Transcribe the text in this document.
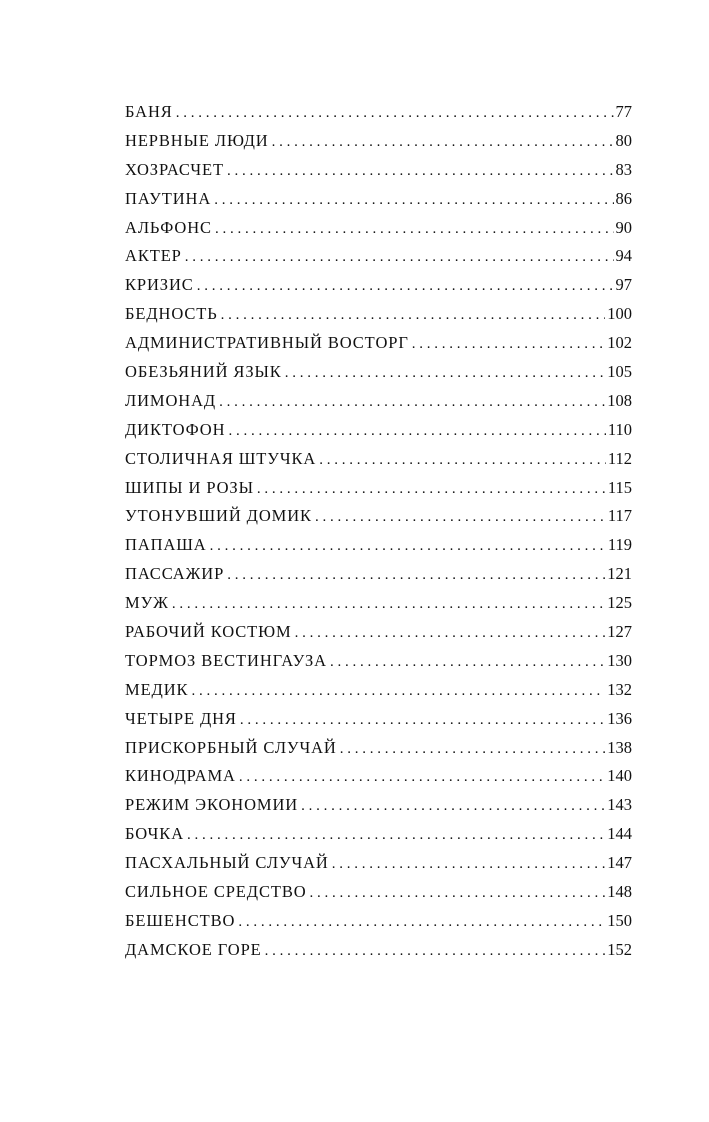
БАНЯ . . .	77
НЕРВНЫЕ ЛЮДИ . . .	80
ХОЗРАСЧЕТ . . .	83
ПАУТИНА . . .	86
АЛЬФОНС . . .	90
АКТЕР . . .	94
КРИЗИС . . .	97
БЕДНОСТЬ . . .	100
АДМИНИСТРАТИВНЫЙ ВОСТОРГ . . .	102
ОБЕЗЬЯНИЙ ЯЗЫК . . .	105
ЛИМОНАД . . .	108
ДИКТОФОН . . .	110
СТОЛИЧНАЯ ШТУЧКА . . .	112
ШИПЫ И РОЗЫ . . .	115
УТОНУВШИЙ ДОМИК . . .	117
ПАПАША . . .	119
ПАССАЖИР . . .	121
МУЖ . . .	125
РАБОЧИЙ КОСТЮМ . . .	127
ТОРМОЗ ВЕСТИНГАУЗА . . .	130
МЕДИК . . .	132
ЧЕТЫРЕ ДНЯ . . .	136
ПРИСКОРБНЫЙ СЛУЧАЙ . . .	138
КИНОДРАМА . . .	140
РЕЖИМ ЭКОНОМИИ . . .	143
БОЧКА . . .	144
ПАСХАЛЬНЫЙ СЛУЧАЙ . . .	147
СИЛЬНОЕ СРЕДСТВО . . .	148
БЕШЕНСТВО . . .	150
ДАМСКОЕ ГОРЕ . . .	152
